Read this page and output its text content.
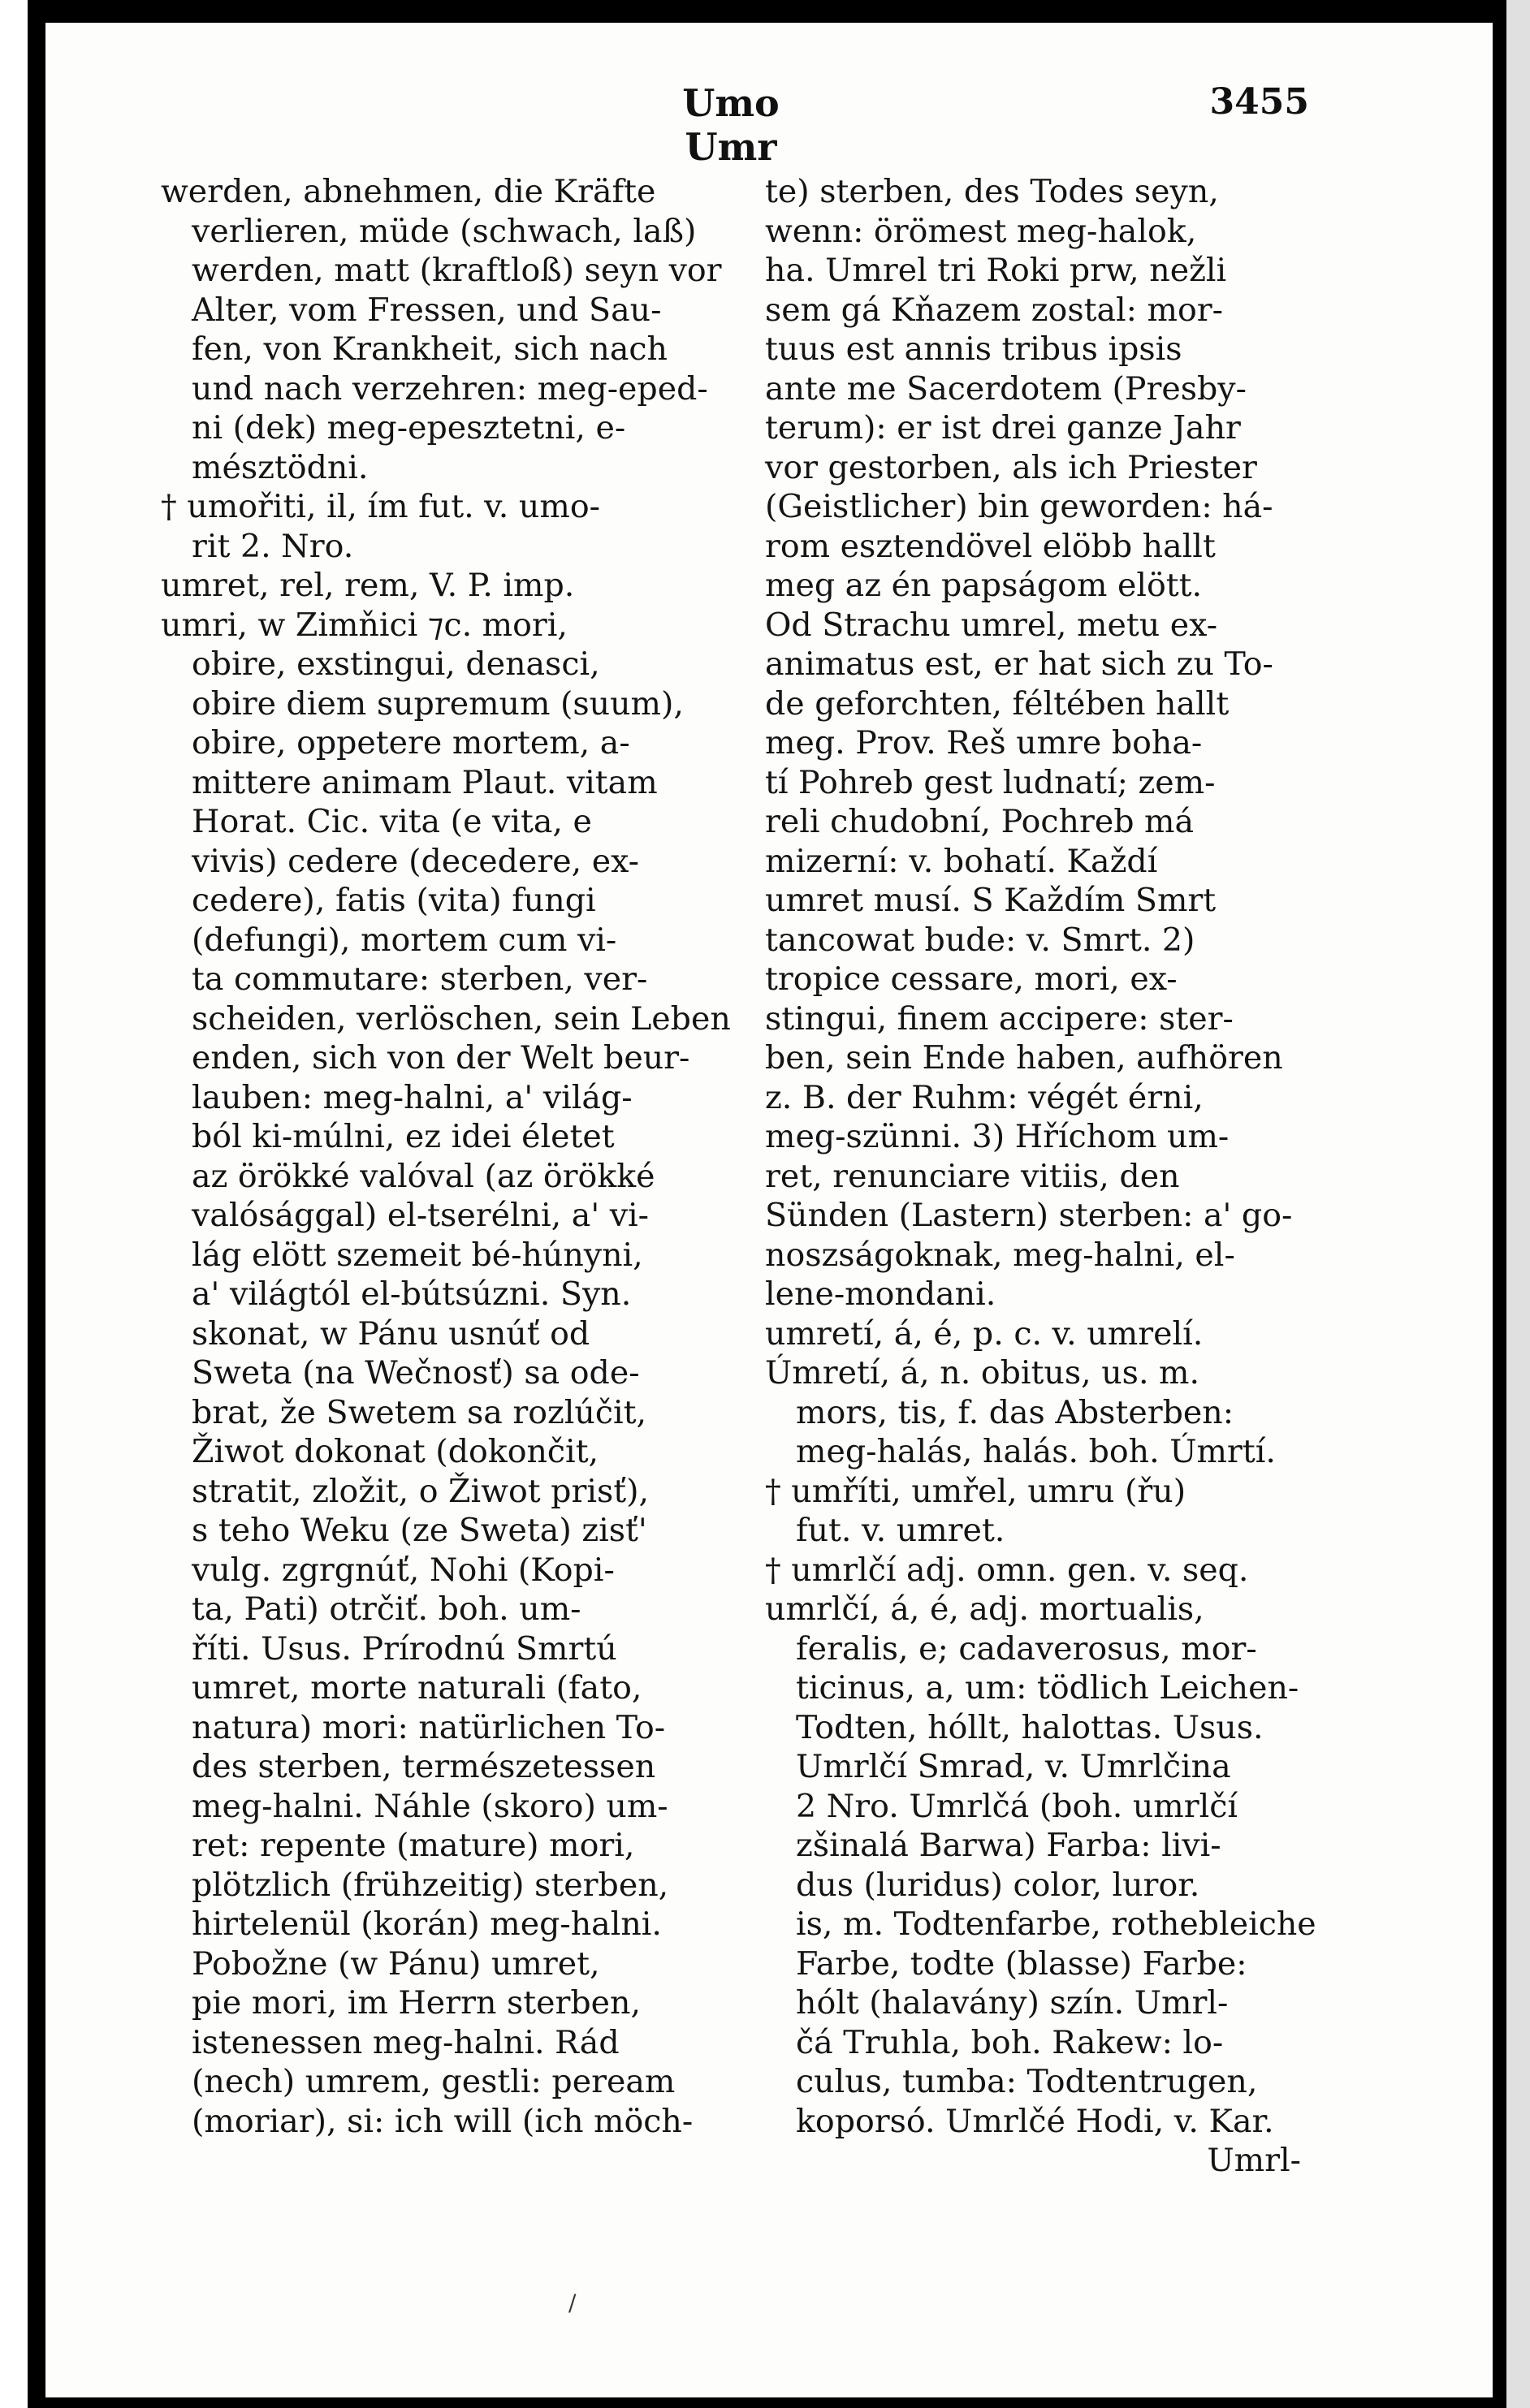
Umo Umr
3455
werden, abnehmen, die Kräfte
verlieren, müde (schwach, laß)
werden, matt (kraftloß) seyn vor
Alter, vom Fressen, und Sau-
fen, von Krankheit, sich nach
und nach verzehren: meg-eped-
ni (dek) meg-epesztetni, e-
mésztödni.
† umořiti, il, ím fut. v. umo-
rit 2. Nro.
umret, rel, rem, V. P. imp.
umri, w Zimňici ⁊c. mori,
obire, exstingui, denasci,
obire diem supremum (suum),
obire, oppetere mortem, a-
mittere animam Plaut. vitam
Horat. Cic. vita (e vita, e
vivis) cedere (decedere, ex-
cedere), fatis (vita) fungi
(defungi), mortem cum vi-
ta commutare: sterben, ver-
scheiden, verlöschen, sein Leben
enden, sich von der Welt beur-
lauben: meg-halni, a' világ-
ból ki-múlni, ez idei életet
az örökké valóval (az örökké
valósággal) el-tserélni, a' vi-
lág elött szemeit bé-húnyni,
a' világtól el-bútsúzni. Syn.
skonat, w Pánu usnúť od
Sweta (na Wečnosť) sa ode-
brat, že Swetem sa rozlúčit,
Žiwot dokonat (dokončit,
stratit, zložit, o Žiwot prisť),
s teho Weku (ze Sweta) zisť'
vulg. zgrgnúť, Nohi (Kopi-
ta, Pati) otrčiť. boh. um-
říti. Usus. Prírodnú Smrtú
umret, morte naturali (fato,
natura) mori: natürlichen To-
des sterben, természetessen
meg-halni. Náhle (skoro) um-
ret: repente (mature) mori,
plötzlich (frühzeitig) sterben,
hirtelenül (korán) meg-halni.
Pobožne (w Pánu) umret,
pie mori, im Herrn sterben,
istenessen meg-halni. Rád
(nech) umrem, gestli: peream
(moriar), si: ich will (ich möch-
te) sterben, des Todes seyn,
wenn: örömest meg-halok,
ha. Umrel tri Roki prw, nežli
sem gá Kňazem zostal: mor-
tuus est annis tribus ipsis
ante me Sacerdotem (Presby-
terum): er ist drei ganze Jahr
vor gestorben, als ich Priester
(Geistlicher) bin geworden: há-
rom esztendövel elöbb hallt
meg az én papságom elött.
Od Strachu umrel, metu ex-
animatus est, er hat sich zu To-
de geforchten, féltében hallt
meg. Prov. Reš umre boha-
tí Pohreb gest ludnatí; zem-
reli chudobní, Pochreb má
mizerní: v. bohatí. Každí
umret musí. S Každím Smrt
tancowat bude: v. Smrt. 2)
tropice cessare, mori, ex-
stingui, finem accipere: ster-
ben, sein Ende haben, aufhören
z. B. der Ruhm: végét érni,
meg-szünni. 3) Hříchom um-
ret, renunciare vitiis, den
Sünden (Lastern) sterben: a' go-
noszságoknak, meg-halni, el-
lene-mondani.
umretí, á, é, p. c. v. umrelí.
Úmretí, á, n. obitus, us. m.
mors, tis, f. das Absterben:
meg-halás, halás. boh. Úmrtí.
† umříti, umřel, umru (řu)
fut. v. umret.
† umrlčí adj. omn. gen. v. seq.
umrlčí, á, é, adj. mortualis,
feralis, e; cadaverosus, mor-
ticinus, a, um: tödlich Leichen-
Todten, hóllt, halottas. Usus.
Umrlčí Smrad, v. Umrlčina
2 Nro. Umrlčá (boh. umrlčí
zšinalá Barwa) Farba: livi-
dus (luridus) color, luror.
is, m. Todtenfarbe, rothebleiche
Farbe, todte (blasse) Farbe:
hólt (halavány) szín. Umrl-
čá Truhla, boh. Rakew: lo-
culus, tumba: Todtentrugen,
koporsó. Umrlčé Hodi, v. Kar.
Umrl-
/
